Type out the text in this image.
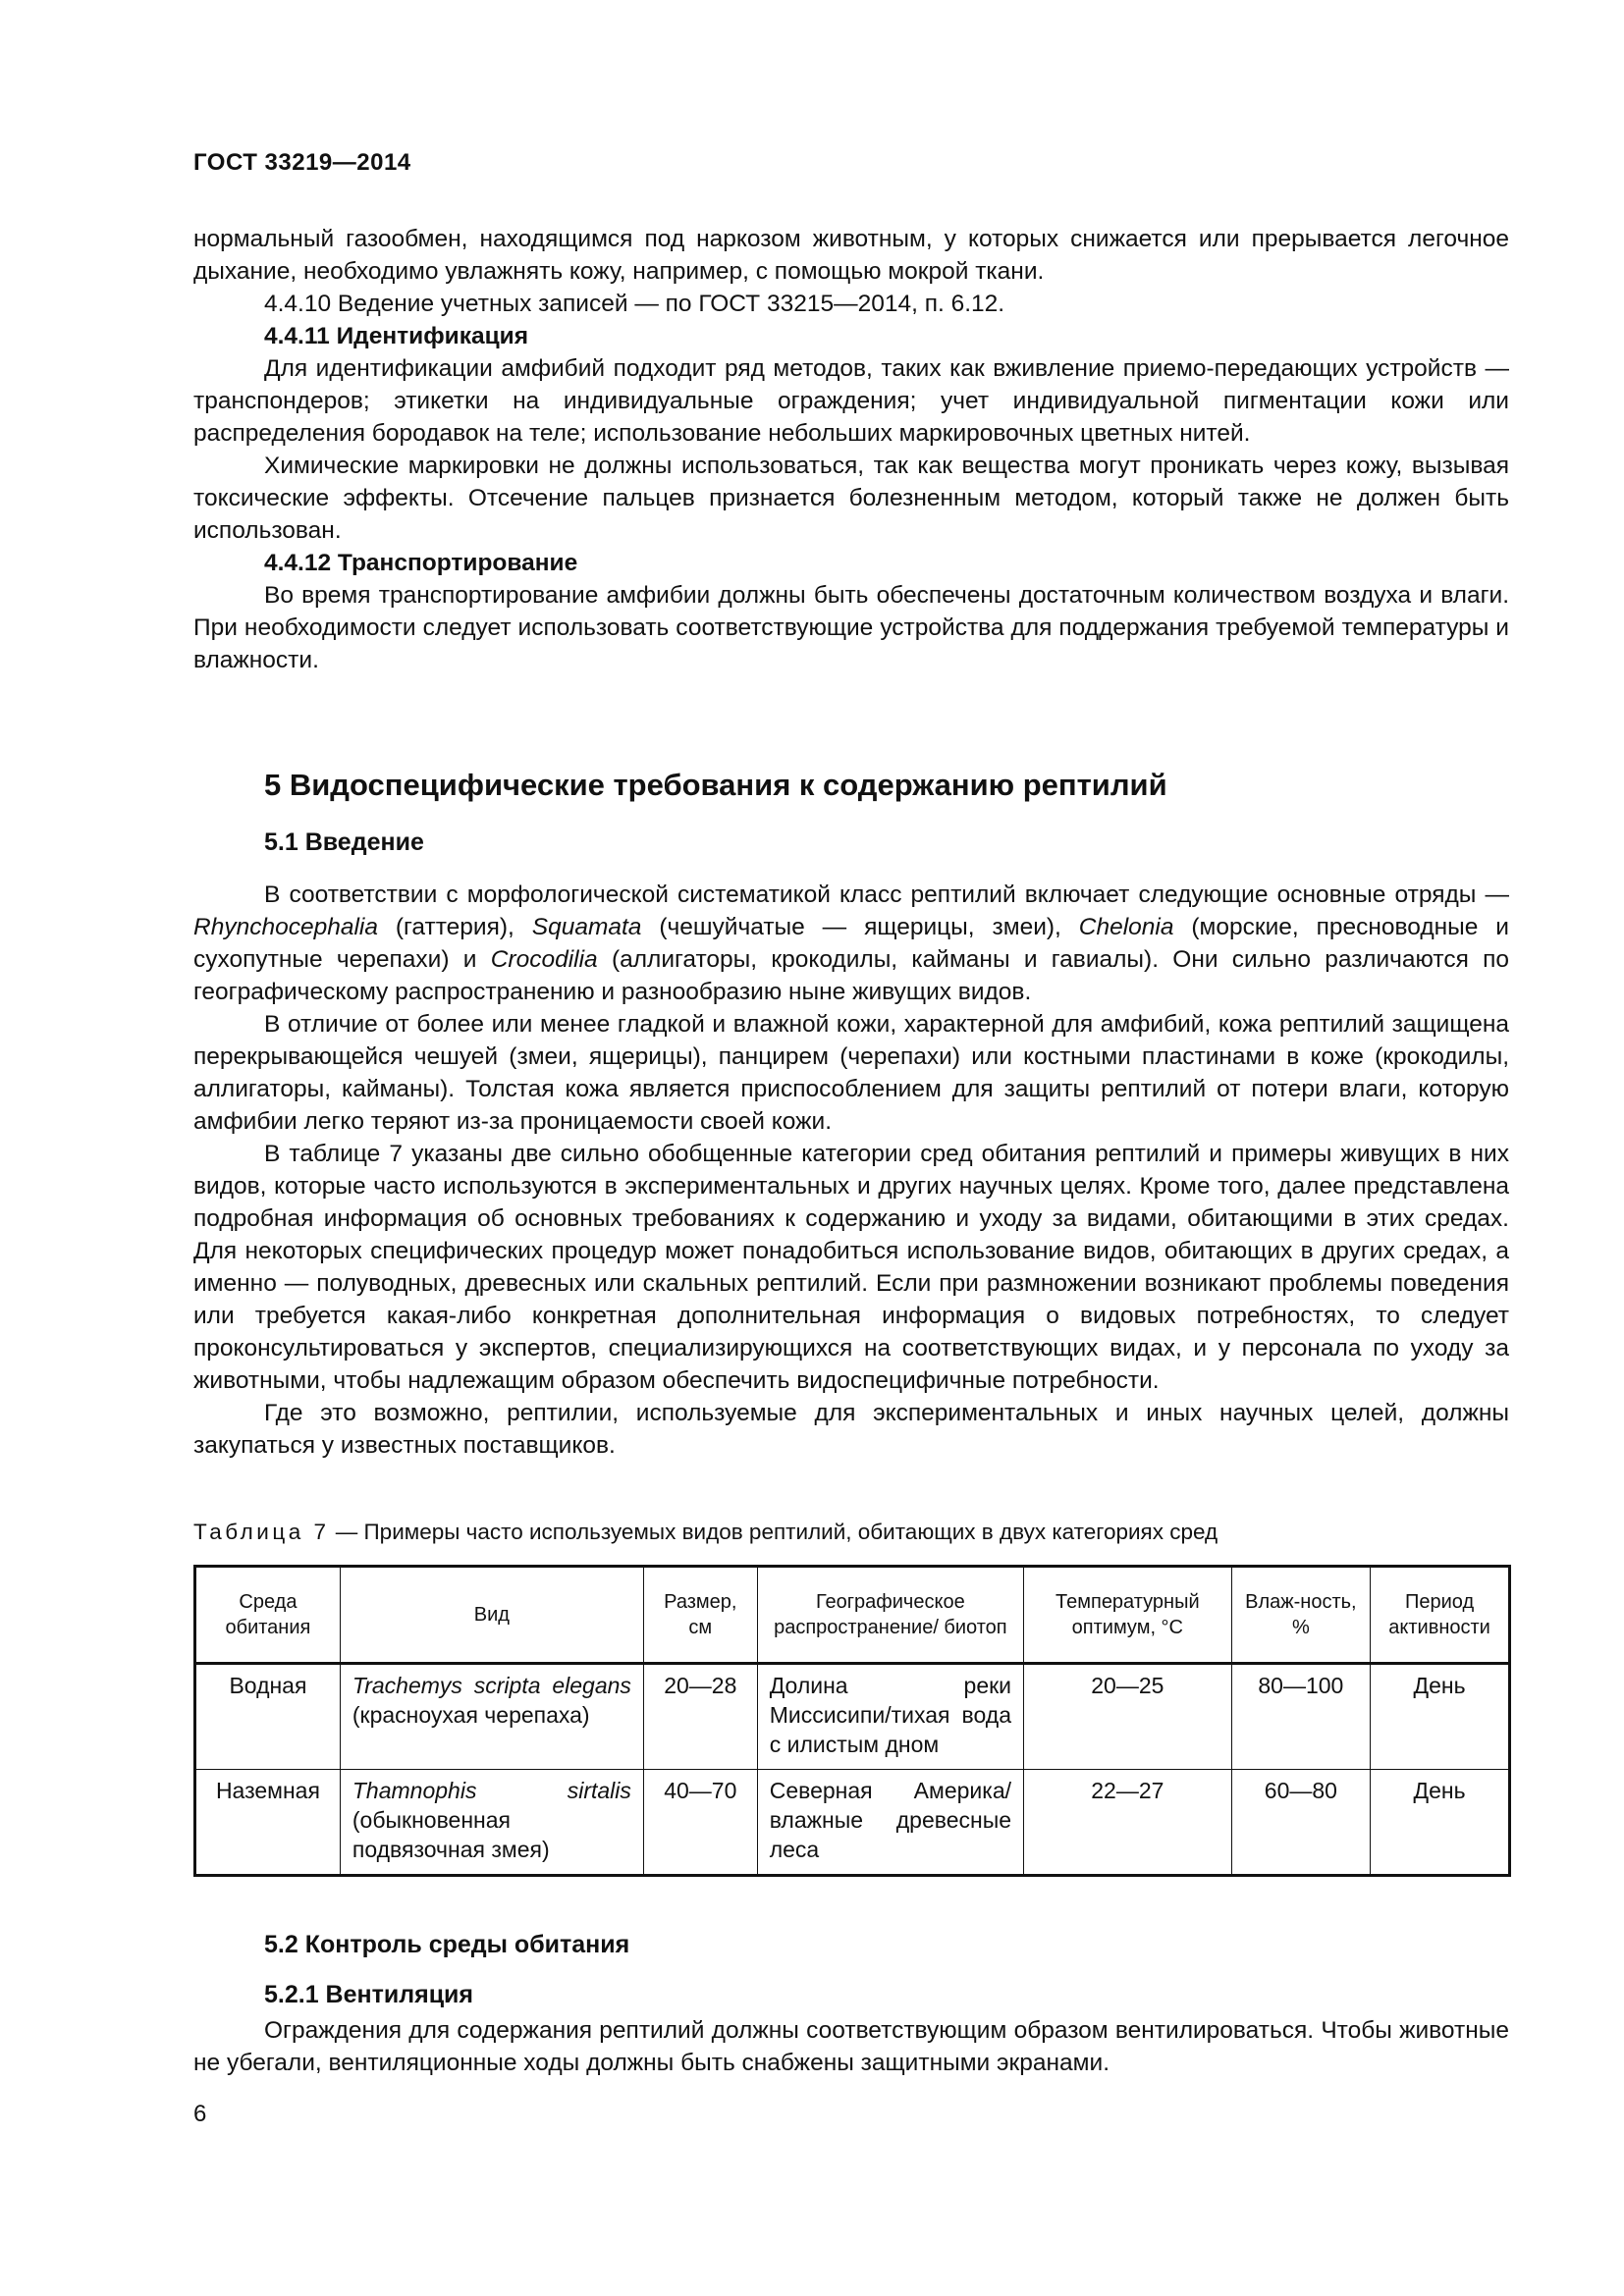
ГОСТ 33219—2014

нормальный газообмен, находящимся под наркозом животным, у которых снижается или прерывается легочное дыхание, необходимо увлажнять кожу, например, с помощью мокрой ткани.

4.4.10 Ведение учетных записей — по ГОСТ 33215—2014, п. 6.12.

4.4.11 Идентификация

Для идентификации амфибий подходит ряд методов, таких как вживление приемо-передающих устройств — транспондеров; этикетки на индивидуальные ограждения; учет индивидуальной пигментации кожи или распределения бородавок на теле; использование небольших маркировочных цветных нитей.

Химические маркировки не должны использоваться, так как вещества могут проникать через кожу, вызывая токсические эффекты. Отсечение пальцев признается болезненным методом, который также не должен быть использован.

4.4.12 Транспортирование

Во время транспортирование амфибии должны быть обеспечены достаточным количеством воздуха и влаги. При необходимости следует использовать соответствующие устройства для поддержания требуемой температуры и влажности.

5 Видоспецифические требования к содержанию рептилий
5.1 Введение

В соответствии с морфологической систематикой класс рептилий включает следующие основные отряды — Rhynchocephalia (гаттерия), Squamata (чешуйчатые — ящерицы, змеи), Chelonia (морские, пресноводные и сухопутные черепахи) и Crocodilia (аллигаторы, крокодилы, кайманы и гавиалы). Они сильно различаются по географическому распространению и разнообразию ныне живущих видов.

В отличие от более или менее гладкой и влажной кожи, характерной для амфибий, кожа рептилий защищена перекрывающейся чешуей (змеи, ящерицы), панцирем (черепахи) или костными пластинами в коже (крокодилы, аллигаторы, кайманы). Толстая кожа является приспособлением для защиты рептилий от потери влаги, которую амфибии легко теряют из-за проницаемости своей кожи.

В таблице 7 указаны две сильно обобщенные категории сред обитания рептилий и примеры живущих в них видов, которые часто используются в экспериментальных и других научных целях. Кроме того, далее представлена подробная информация об основных требованиях к содержанию и уходу за видами, обитающими в этих средах. Для некоторых специфических процедур может понадобиться использование видов, обитающих в других средах, а именно — полуводных, древесных или скальных рептилий. Если при размножении возникают проблемы поведения или требуется какая-либо конкретная дополнительная информация о видовых потребностях, то следует проконсультироваться у экспертов, специализирующихся на соответствующих видах, и у персонала по уходу за животными, чтобы надлежащим образом обеспечить видоспецифичные потребности.

Где это возможно, рептилии, используемые для экспериментальных и иных научных целей, должны закупаться у известных поставщиков.

Таблица 7 — Примеры часто используемых видов рептилий, обитающих в двух категориях сред
Среда обитания	Вид	Размер, см	Географическое распространение/ биотоп	Температурный оптимум, °С	Влаж-ность, %	Период активности
Водная	Trachemys scripta elegans (красноухая черепаха)	20—28	Долина реки Миссисипи/тихая вода с илистым дном	20—25	80—100	День
Наземная	Thamnophis sirtalis (обыкновенная подвязочная змея)	40—70	Северная Америка/ влажные древесные леса	22—27	60—80	День
5.2 Контроль среды обитания
5.2.1 Вентиляция

Ограждения для содержания рептилий должны соответствующим образом вентилироваться. Чтобы животные не убегали, вентиляционные ходы должны быть снабжены защитными экранами.

6
